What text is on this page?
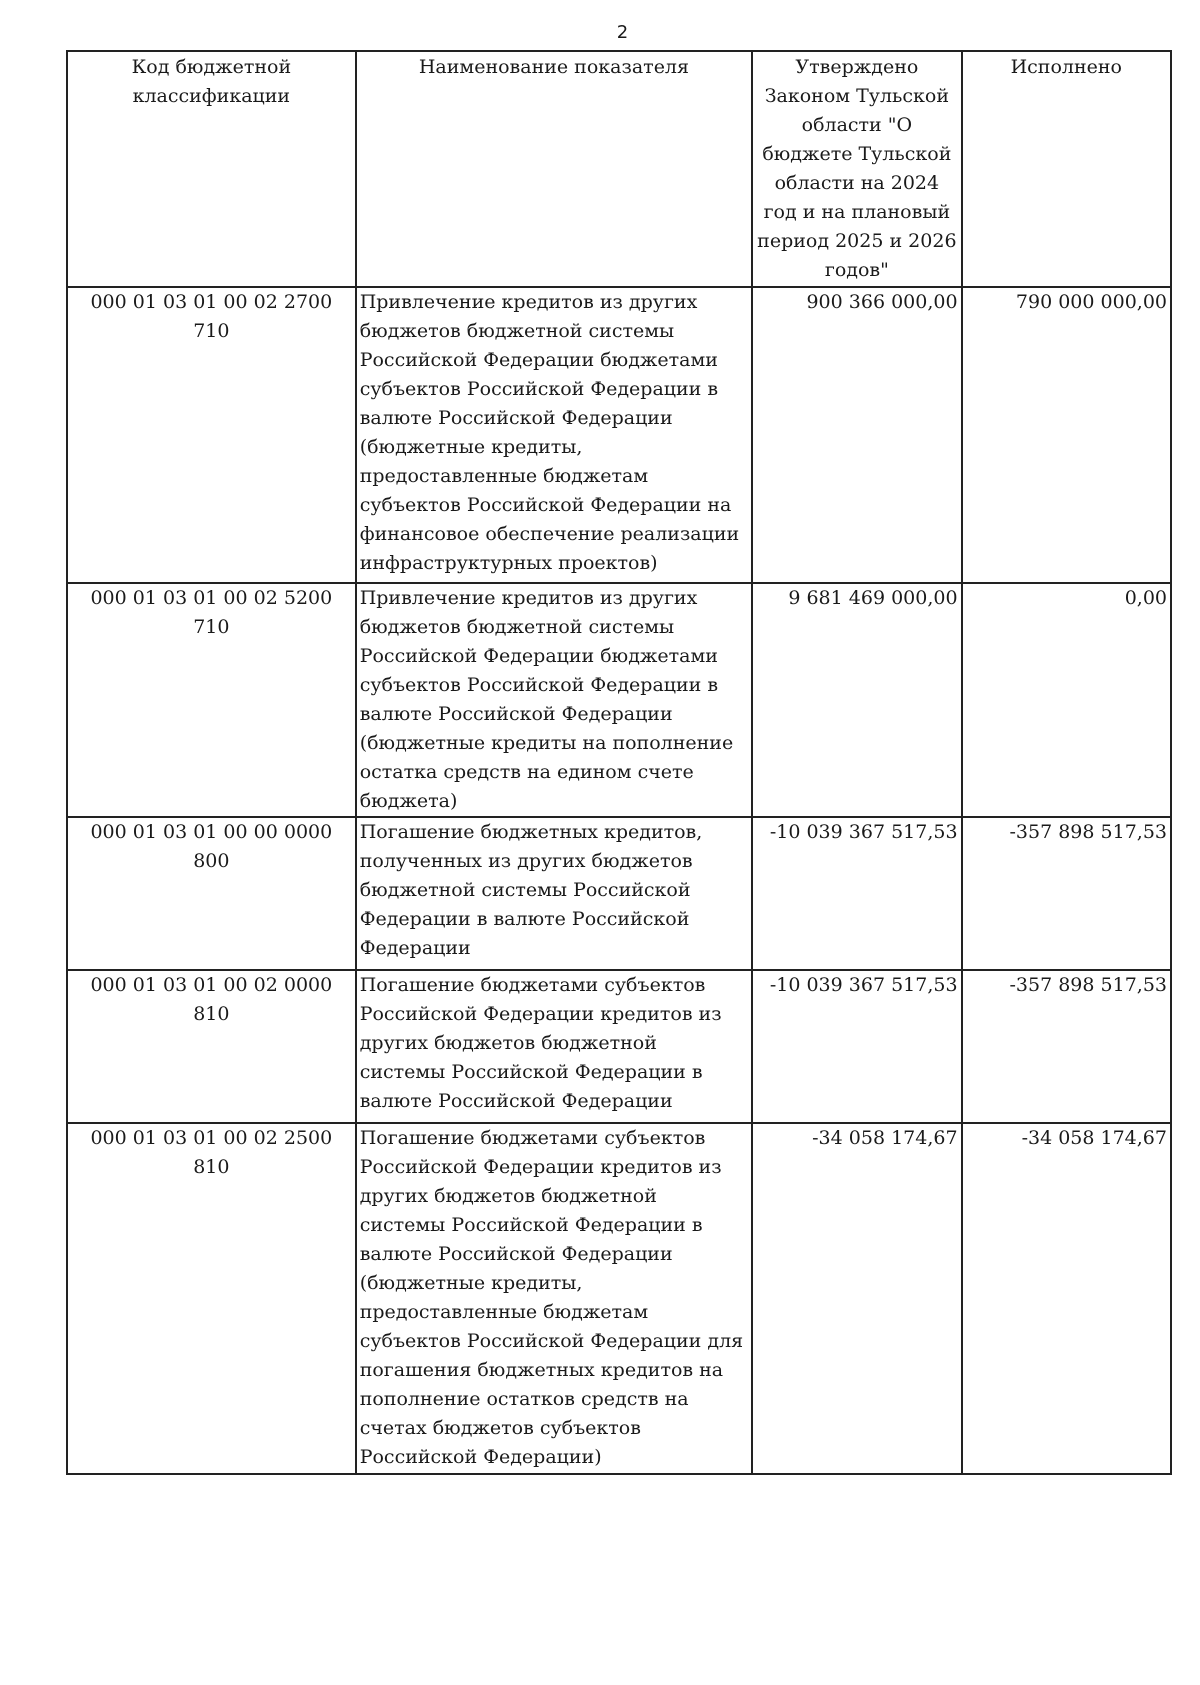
2
Код бюджетной классификации	Наименование показателя	Утверждено Законом Тульской области "О бюджете Тульской области на 2024 год и на плановый период 2025 и 2026 годов"	Исполнено
000 01 03 01 00 02 2700 710	Привлечение кредитов из других бюджетов бюджетной системы Российской Федерации бюджетами субъектов Российской Федерации в валюте Российской Федерации (бюджетные кредиты, предоставленные бюджетам субъектов Российской Федерации на финансовое обеспечение реализации инфраструктурных проектов)	900 366 000,00	790 000 000,00
000 01 03 01 00 02 5200 710	Привлечение кредитов из других бюджетов бюджетной системы Российской Федерации бюджетами субъектов Российской Федерации в валюте Российской Федерации (бюджетные кредиты на пополнение остатка средств на едином счете бюджета)	9 681 469 000,00	0,00
000 01 03 01 00 00 0000 800	Погашение бюджетных кредитов, полученных из других бюджетов бюджетной системы Российской Федерации в валюте Российской Федерации	-10 039 367 517,53	-357 898 517,53
000 01 03 01 00 02 0000 810	Погашение бюджетами субъектов Российской Федерации кредитов из других бюджетов бюджетной системы Российской Федерации в валюте Российской Федерации	-10 039 367 517,53	-357 898 517,53
000 01 03 01 00 02 2500 810	Погашение бюджетами субъектов Российской Федерации кредитов из других бюджетов бюджетной системы Российской Федерации в валюте Российской Федерации (бюджетные кредиты, предоставленные бюджетам субъектов Российской Федерации для погашения бюджетных кредитов на пополнение остатков средств на счетах бюджетов субъектов Российской Федерации)	-34 058 174,67	-34 058 174,67
